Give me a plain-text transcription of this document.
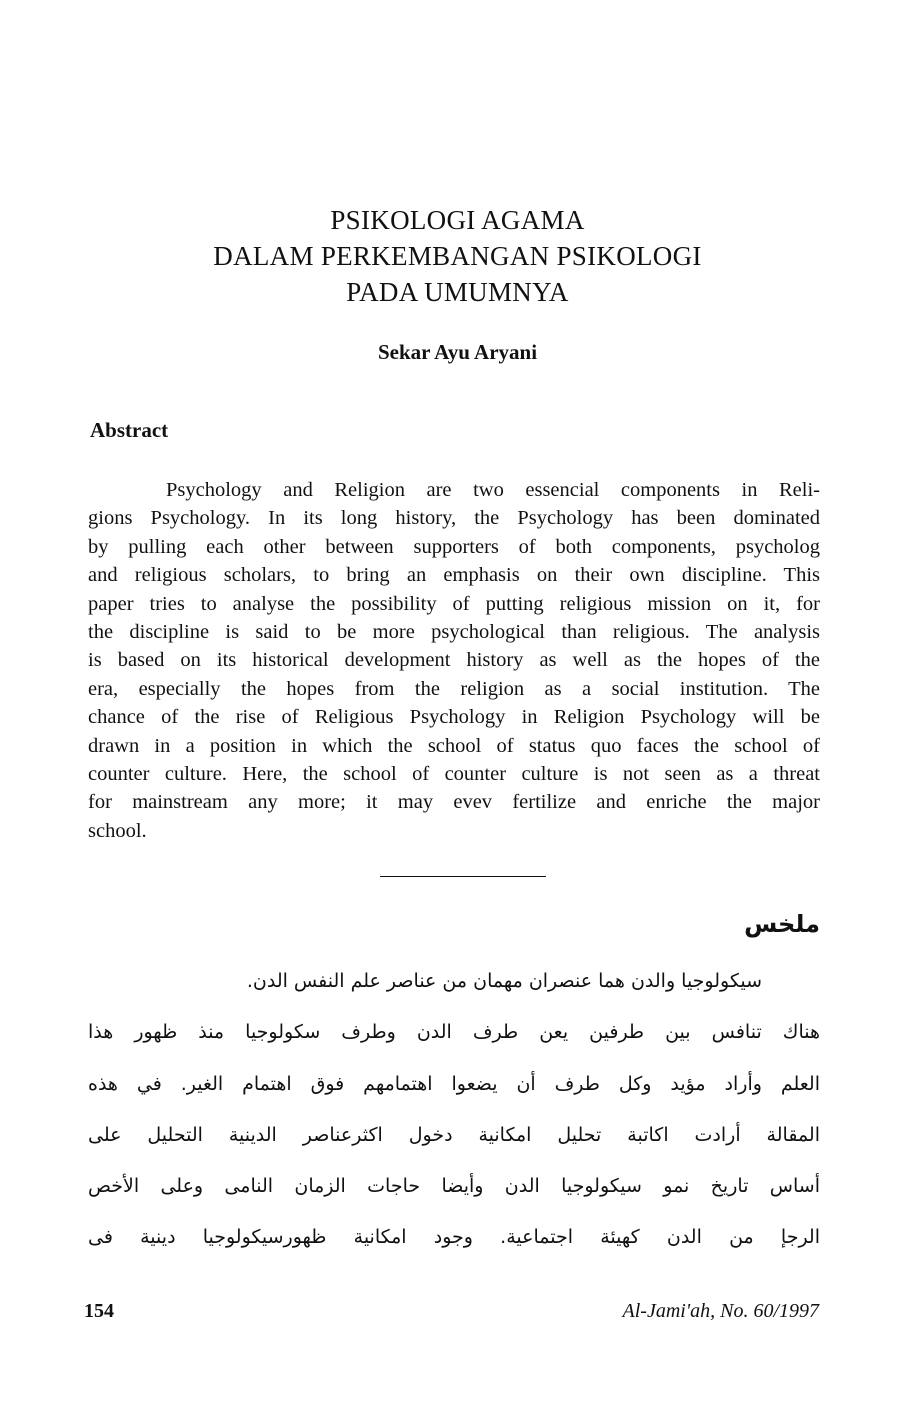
PSIKOLOGI AGAMA
DALAM PERKEMBANGAN PSIKOLOGI
PADA UMUMNYA
Sekar Ayu Aryani
Abstract
Psychology and Religion are two essencial components in Reli-
gions Psychology. In its long history, the Psychology has been dominated
by pulling each other between supporters of both components, psycholog
and religious scholars, to bring an emphasis on their own discipline. This
paper tries to analyse the possibility of putting religious mission on it, for
the discipline is said to be more psychological than religious. The analysis
is based on its historical development history as well as the hopes of the
era, especially the hopes from the religion as a social institution. The
chance of the rise of Religious Psychology in Religion Psychology will be
drawn in a position in which the school of status quo faces the school of
counter culture. Here, the school of counter culture is not seen as a threat
for mainstream any more; it may evev fertilize and enriche the major
school.
ملخس
سيكولوجيا والدن هما عنصران مهمان من عناصر علم النفس الدن.
هناك تنافس بين طرفين يعن طرف الدن وطرف سكولوجيا منذ ظهور هذا
العلم وأراد مؤيد وكل طرف أن يضعوا اهتمامهم فوق اهتمام الغير. في هذه
المقالة أرادت اكاتبة تحليل امكانية دخول اكثرعناصر الدينية التحليل على
أساس تاريخ نمو سيكولوجيا الدن وأيضا حاجات الزمان النامى وعلى الأخص
الرجإ من الدن كهيئة اجتماعية. وجود امكانية ظهورسيكولوجيا دينية فى
154	Al-Jami'ah, No. 60/1997
